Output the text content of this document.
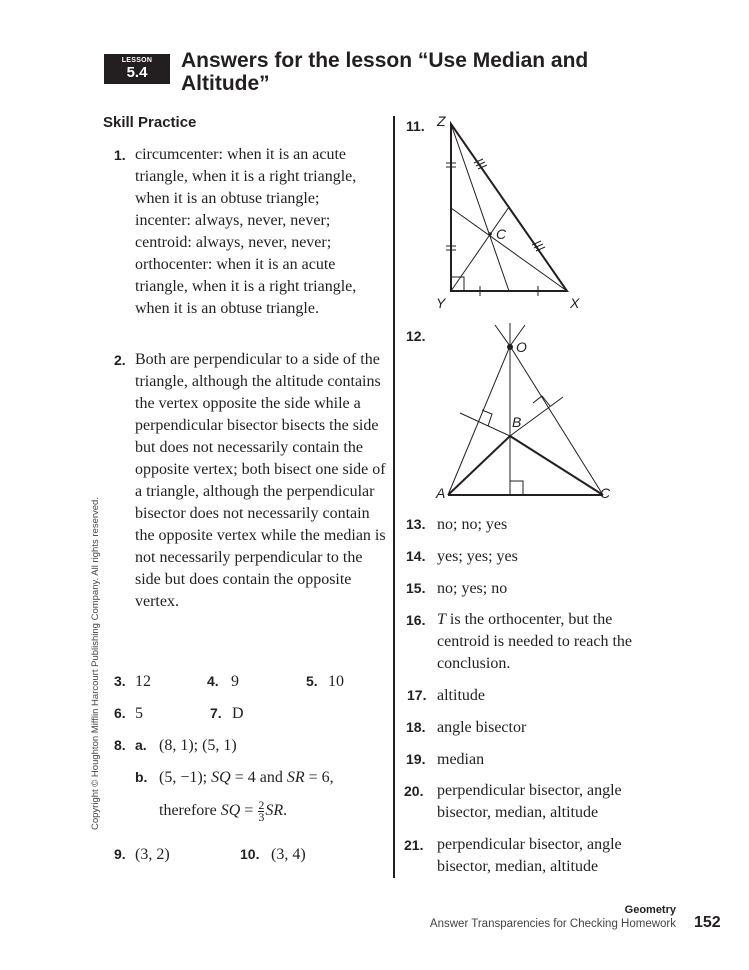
LESSON
5.4
Answers for the lesson “Use Median and Altitude”
Skill Practice
Copyright © Houghton Mifflin Harcourt Publishing Company. All rights reserved.
1. circumcenter: when it is an acute triangle, when it is a right triangle, when it is an obtuse triangle; incenter: always, never, never; centroid: always, never, never; orthocenter: when it is an acute triangle, when it is a right triangle, when it is an obtuse triangle.
2. Both are perpendicular to a side of the triangle, although the altitude contains the vertex opposite the side while a perpendicular bisector bisects the side but does not necessarily contain the opposite vertex; both bisect one side of a triangle, although the perpendicular bisector does not necessarily contain the opposite vertex while the median is not necessarily perpendicular to the side but does contain the opposite vertex.
3. 12	4. 9	5. 10
6. 5	7. D
8. a. (8, 1); (5, 1)
b. (5, −1); SQ = 4 and SR = 6,
therefore SQ = $\frac{2}{3}$ SR.
9. (3, 2)	10. (3, 4)
11. Z
Y	X
C
12.
O
B
A	C
13. no; no; yes
14. yes; yes; yes
15. no; yes; no
16. T is the orthocenter, but the centroid is needed to reach the conclusion.
17. altitude
18. angle bisector
19. median
20. perpendicular bisector, angle bisector, median, altitude
21. perpendicular bisector, angle bisector, median, altitude
Geometry
Answer Transparencies for Checking Homework 152
